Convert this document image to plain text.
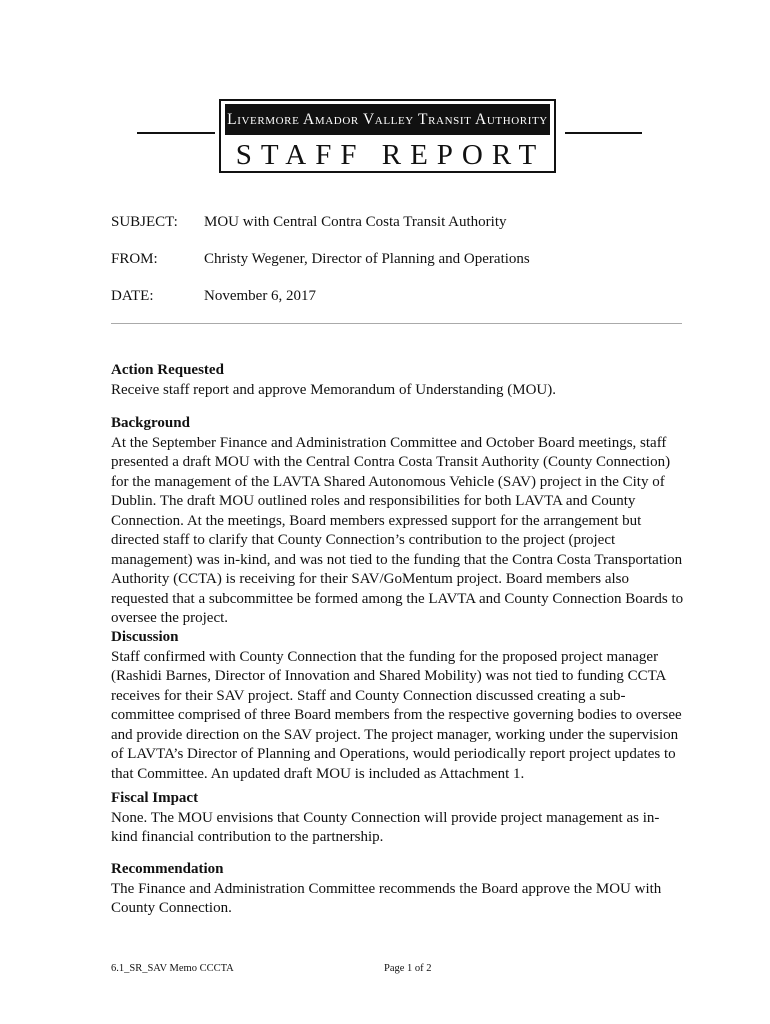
Livermore Amador Valley Transit Authority
STAFF REPORT
SUBJECT: MOU with Central Contra Costa Transit Authority
FROM:	Christy Wegener, Director of Planning and Operations
DATE:	November 6, 2017
Action Requested

Receive staff report and approve Memorandum of Understanding (MOU).

Background

At the September Finance and Administration Committee and October Board meetings, staff presented a draft MOU with the Central Contra Costa Transit Authority (County Connection) for the management of the LAVTA Shared Autonomous Vehicle (SAV) project in the City of Dublin. The draft MOU outlined roles and responsibilities for both LAVTA and County Connection. At the meetings, Board members expressed support for the arrangement but directed staff to clarify that County Connection’s contribution to the project (project management) was in-kind, and was not tied to the funding that the Contra Costa Transportation Authority (CCTA) is receiving for their SAV/GoMentum project. Board members also requested that a subcommittee be formed among the LAVTA and County Connection Boards to oversee the project.

Discussion

Staff confirmed with County Connection that the funding for the proposed project manager (Rashidi Barnes, Director of Innovation and Shared Mobility) was not tied to funding CCTA receives for their SAV project. Staff and County Connection discussed creating a sub-committee comprised of three Board members from the respective governing bodies to oversee and provide direction on the SAV project. The project manager, working under the supervision of LAVTA’s Director of Planning and Operations, would periodically report project updates to that Committee. An updated draft MOU is included as Attachment 1.

Fiscal Impact

None. The MOU envisions that County Connection will provide project management as in-kind financial contribution to the partnership.

Recommendation

The Finance and Administration Committee recommends the Board approve the MOU with County Connection.

6.1_SR_SAV Memo CCCTA	Page 1 of 2
